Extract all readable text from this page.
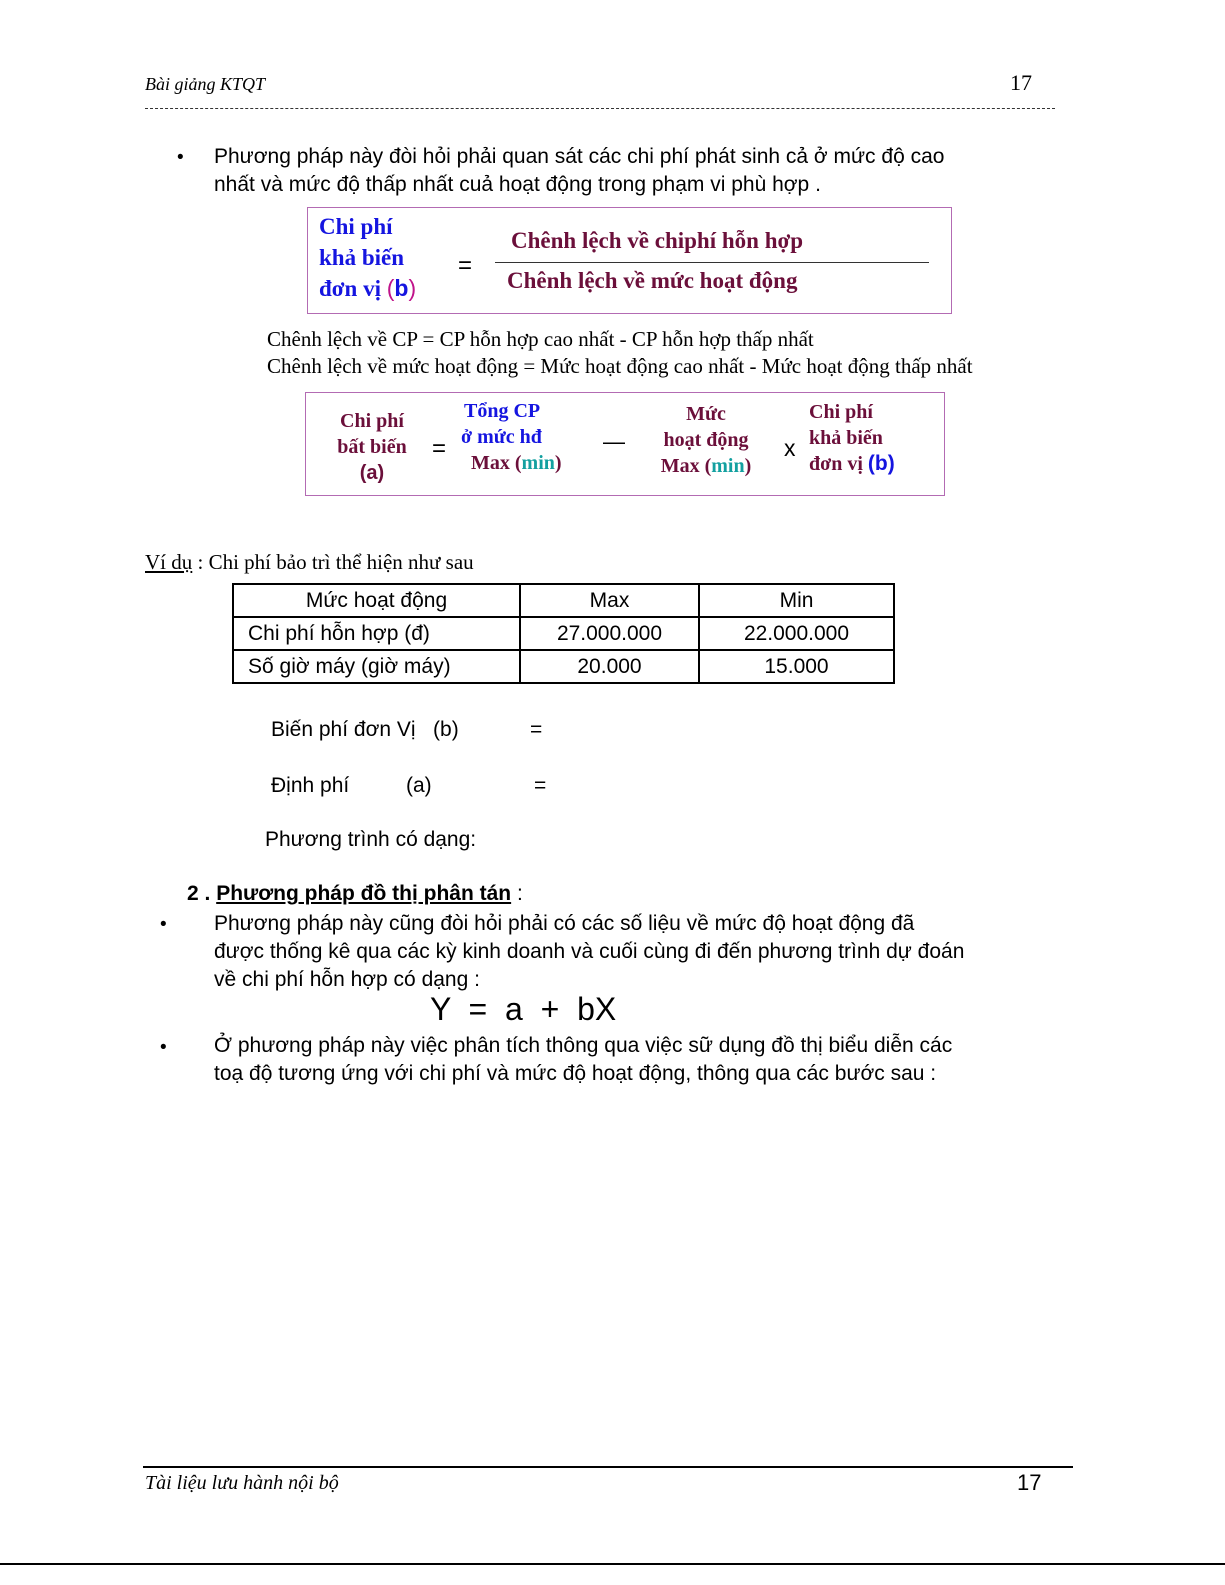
Bài giảng KTQT	17
• Phương pháp này đòi hỏi phải quan sát các chi phí phát sinh cả ở mức độ cao
nhất và mức độ thấp nhất cuả hoạt động trong phạm vi phù hợp .
Chi phí
khả biến
đơn vị (b)
=
Chênh lệch về chiphí hỗn hợp
Chênh lệch về mức hoạt động
Chênh lệch về CP = CP hỗn hợp cao nhất - CP hỗn hợp thấp nhất
Chênh lệch về mức hoạt động = Mức hoạt động cao nhất - Mức hoạt động thấp nhất
Chi phí
bất biến
(a)
=
Tổng CP
ở mức hđ
Max (min)
—
Mức
hoạt động
Max (min)
x
Chi phí
khả biến
đơn vị (b)
Ví dụ : Chi phí bảo trì thể hiện như sau
Mức hoạt động	Max	Min
Chi phí hỗn hợp (đ)	27.000.000	22.000.000
Số giờ máy (giờ máy)	20.000	15.000
Biến phí đơn Vị   (b)	=
Định phí	(a)	=
Phương trình có dạng:
2 . Phương pháp đồ thị phân tán :
• Phương pháp này cũng đòi hỏi phải có các số liệu về mức độ hoạt động đã
được thống kê qua các kỳ kinh doanh và cuối cùng đi đến phương trình dự đoán
về chi phí hỗn hợp có dạng :
Y  =  a  +  bX
• Ở phương pháp này việc phân tích thông qua việc sữ dụng đồ thị biểu diễn các
toạ độ tương ứng với chi phí và mức độ hoạt động, thông qua các bước sau :
Tài liệu lưu hành nội bộ	17
